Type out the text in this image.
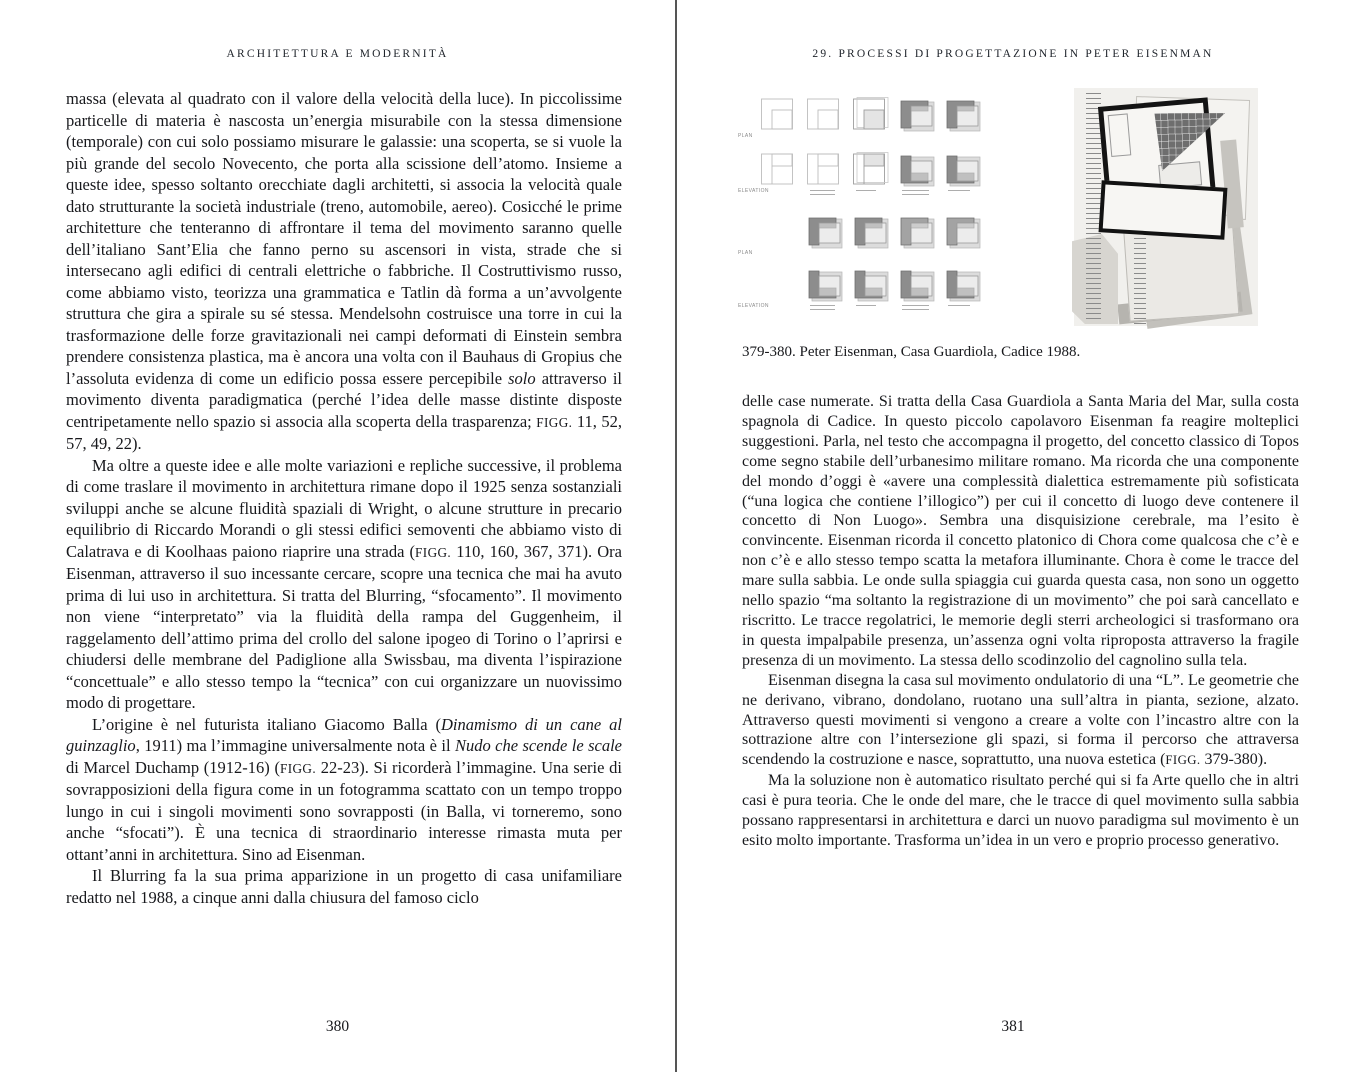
ARCHITETTURA E MODERNITÀ

massa (elevata al quadrato con il valore della velocità della luce). In piccolissime particelle di materia è nascosta un’energia misurabile con la stessa dimensione (temporale) con cui solo possiamo misurare le galassie: una scoperta, se si vuole la più grande del secolo Novecento, che porta alla scissione dell’atomo. Insieme a queste idee, spesso soltanto orecchiate dagli architetti, si associa la velocità quale dato strutturante la società industriale (treno, automobile, aereo). Cosicché le prime architetture che tenteranno di affrontare il tema del movimento saranno quelle dell’italiano Sant’Elia che fanno perno su ascensori in vista, strade che si intersecano agli edifici di centrali elettriche o fabbriche. Il Costruttivismo russo, come abbiamo visto, teorizza una grammatica e Tatlin dà forma a un’avvolgente struttura che gira a spirale su sé stessa. Mendelsohn costruisce una torre in cui la trasformazione delle forze gravitazionali nei campi deformati di Einstein sembra prendere consistenza plastica, ma è ancora una volta con il Bauhaus di Gropius che l’assoluta evidenza di come un edificio possa essere percepibile solo attraverso il movimento diventa paradigmatica (perché l’idea delle masse distinte disposte centripetamente nello spazio si associa alla scoperta della trasparenza; FIGG. 11, 52, 57, 49, 22).

Ma oltre a queste idee e alle molte variazioni e repliche successive, il problema di come traslare il movimento in architettura rimane dopo il 1925 senza sostanziali sviluppi anche se alcune fluidità spaziali di Wright, o alcune strutture in precario equilibrio di Riccardo Morandi o gli stessi edifici semoventi che abbiamo visto di Calatrava e di Koolhaas paiono riaprire una strada (FIGG. 110, 160, 367, 371). Ora Eisenman, attraverso il suo incessante cercare, scopre una tecnica che mai ha avuto prima di lui uso in architettura. Si tratta del Blurring, “sfocamento”. Il movimento non viene “interpretato” via la fluidità della rampa del Guggenheim, il raggelamento dell’attimo prima del crollo del salone ipogeo di Torino o l’aprirsi e chiudersi delle membrane del Padiglione alla Swissbau, ma diventa l’ispirazione “concettuale” e allo stesso tempo la “tecnica” con cui organizzare un nuovissimo modo di progettare.

L’origine è nel futurista italiano Giacomo Balla (Dinamismo di un cane al guinzaglio, 1911) ma l’immagine universalmente nota è il Nudo che scende le scale di Marcel Duchamp (1912-16) (FIGG. 22-23). Si ricorderà l’immagine. Una serie di sovrapposizioni della figura come in un fotogramma scattato con un tempo troppo lungo in cui i singoli movimenti sono sovrapposti (in Balla, vi torneremo, sono anche “sfocati”). È una tecnica di straordinario interesse rimasta muta per ottant’anni in architettura. Sino ad Eisenman.

Il Blurring fa la sua prima apparizione in un progetto di casa unifamiliare redatto nel 1988, a cinque anni dalla chiusura del famoso ciclo

380
29. PROCESSI DI PROGETTAZIONE IN PETER EISENMAN
PLAN
ELEVATION
PLAN
ELEVATION
379-380. Peter Eisenman, Casa Guardiola, Cadice 1988.

delle case numerate. Si tratta della Casa Guardiola a Santa Maria del Mar, sulla costa spagnola di Cadice. In questo piccolo capolavoro Eisenman fa reagire molteplici suggestioni. Parla, nel testo che accompagna il progetto, del concetto classico di Topos come segno stabile dell’urbanesimo militare romano. Ma ricorda che una componente del mondo d’oggi è «avere una complessità dialettica estremamente più sofisticata (“una logica che contiene l’illogico”) per cui il concetto di luogo deve contenere il concetto di Non Luogo». Sembra una disquisizione cerebrale, ma l’esito è convincente. Eisenman ricorda il concetto platonico di Chora come qualcosa che c’è e non c’è e allo stesso tempo scatta la metafora illuminante. Chora è come le tracce del mare sulla sabbia. Le onde sulla spiaggia cui guarda questa casa, non sono un oggetto nello spazio “ma soltanto la registrazione di un movimento” che poi sarà cancellato e riscritto. Le tracce regolatrici, le memorie degli sterri archeologici si trasformano ora in questa impalpabile presenza, un’assenza ogni volta riproposta attraverso la fragile presenza di un movimento. La stessa dello scodinzolio del cagnolino sulla tela.

Eisenman disegna la casa sul movimento ondulatorio di una “L”. Le geometrie che ne derivano, vibrano, dondolano, ruotano una sull’altra in pianta, sezione, alzato. Attraverso questi movimenti si vengono a creare a volte con l’incastro altre con la sottrazione altre con l’intersezione gli spazi, si forma il percorso che attraversa scendendo la costruzione e nasce, soprattutto, una nuova estetica (FIGG. 379-380).

Ma la soluzione non è automatico risultato perché qui si fa Arte quello che in altri casi è pura teoria. Che le onde del mare, che le tracce di quel movimento sulla sabbia possano rappresentarsi in architettura e darci un nuovo paradigma sul movimento è un esito molto importante. Trasforma un’idea in un vero e proprio processo generativo.

381
